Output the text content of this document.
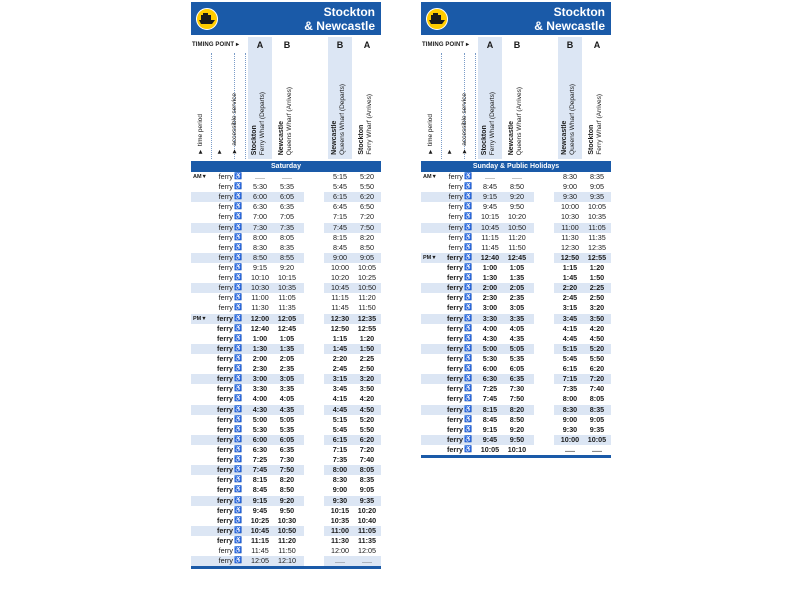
Stockton
& Newcastle
TIMING POINT ▸	A	B	B	A
▼ time period
▼ ▼ accessible service Stockton
Ferry Wharf (Departs) Newcastle
Queens Wharf (Arrives)	Newcastle
Queens Wharf (Departs) Stockton
Ferry Wharf (Arrives)
Saturday
AM▼	ferry ♿	.....	.....	5:15	5:20
ferry ♿	5:30	5:35	5:45	5:50
ferry ♿	6:00	6:05	6:15	6:20
ferry ♿	6:30	6:35	6:45	6:50
ferry ♿	7:00	7:05	7:15	7:20
ferry ♿	7:30	7:35	7:45	7:50
ferry ♿	8:00	8:05	8:15	8:20
ferry ♿	8:30	8:35	8:45	8:50
ferry ♿	8:50	8:55	9:00	9:05
ferry ♿	9:15	9:20	10:00	10:05
ferry ♿	10:10	10:15	10:20	10:25
ferry ♿	10:30	10:35	10:45	10:50
ferry ♿	11:00	11:05	11:15	11:20
ferry ♿	11:30	11:35	11:45	11:50
PM▼	ferry ♿	12:00	12:05	12:30	12:35
ferry ♿	12:40	12:45	12:50	12:55
ferry ♿	1:00	1:05	1:15	1:20
ferry ♿	1:30	1:35	1:45	1:50
ferry ♿	2:00	2:05	2:20	2:25
ferry ♿	2:30	2:35	2:45	2:50
ferry ♿	3:00	3:05	3:15	3:20
ferry ♿	3:30	3:35	3:45	3:50
ferry ♿	4:00	4:05	4:15	4:20
ferry ♿	4:30	4:35	4:45	4:50
ferry ♿	5:00	5:05	5:15	5:20
ferry ♿	5:30	5:35	5:45	5:50
ferry ♿	6:00	6:05	6:15	6:20
ferry ♿	6:30	6:35	7:15	7:20
ferry ♿	7:25	7:30	7:35	7:40
ferry ♿	7:45	7:50	8:00	8:05
ferry ♿	8:15	8:20	8:30	8:35
ferry ♿	8:45	8:50	9:00	9:05
ferry ♿	9:15	9:20	9:30	9:35
ferry ♿	9:45	9:50	10:15	10:20
ferry ♿	10:25	10:30	10:35	10:40
ferry ♿	10:45	10:50	11:00	11:05
ferry ♿	11:15	11:20	11:30	11:35
ferry ♿	11:45	11:50	12:00	12:05
ferry ♿	12:05	12:10	.....	.....
Stockton
& Newcastle
TIMING POINT ▸	A	B	B	A
▼ time period
▼ ▼ accessible service Stockton
Ferry Wharf (Departs) Newcastle
Queens Wharf (Arrives)	Newcastle
Queens Wharf (Departs) Stockton
Ferry Wharf (Arrives)
Sunday & Public Holidays
AM▼	ferry ♿	.....	.....	8:30	8:35
ferry ♿	8:45	8:50	9:00	9:05
ferry ♿	9:15	9:20	9:30	9:35
ferry ♿	9:45	9:50	10:00	10:05
ferry ♿	10:15	10:20	10:30	10:35
ferry ♿	10:45	10:50	11:00	11:05
ferry ♿	11:15	11:20	11:30	11:35
ferry ♿	11:45	11:50	12:30	12:35
PM▼	ferry ♿	12:40	12:45	12:50	12:55
ferry ♿	1:00	1:05	1:15	1:20
ferry ♿	1:30	1:35	1:45	1:50
ferry ♿	2:00	2:05	2:20	2:25
ferry ♿	2:30	2:35	2:45	2:50
ferry ♿	3:00	3:05	3:15	3:20
ferry ♿	3:30	3:35	3:45	3:50
ferry ♿	4:00	4:05	4:15	4:20
ferry ♿	4:30	4:35	4:45	4:50
ferry ♿	5:00	5:05	5:15	5:20
ferry ♿	5:30	5:35	5:45	5:50
ferry ♿	6:00	6:05	6:15	6:20
ferry ♿	6:30	6:35	7:15	7:20
ferry ♿	7:25	7:30	7:35	7:40
ferry ♿	7:45	7:50	8:00	8:05
ferry ♿	8:15	8:20	8:30	8:35
ferry ♿	8:45	8:50	9:00	9:05
ferry ♿	9:15	9:20	9:30	9:35
ferry ♿	9:45	9:50	10:00	10:05
ferry ♿	10:05	10:10	.....	.....
